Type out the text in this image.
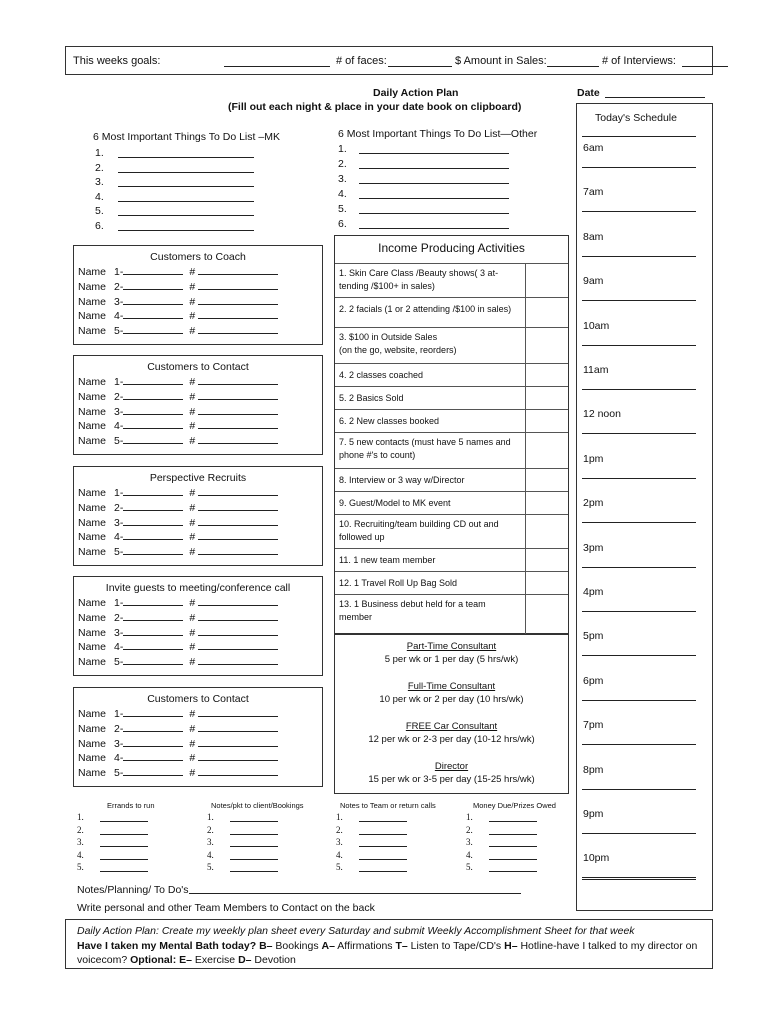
This weeks goals:	# of faces:	$ Amount in Sales:	# of Interviews:
Daily Action Plan
(Fill out each night & place in your date book on clipboard)
Date
6 Most Important Things To Do List –MK
1.
2.
3.
4.
5.
6.
6 Most Important Things To Do List—Other
1.
2.
3.
4.
5.
6.
Customers to Coach
Name 1-	#
Name 2-	#
Name 3-	#
Name 4-	#
Name 5-	#
Customers to Contact
Name 1-	#
Name 2-	#
Name 3-	#
Name 4-	#
Name 5-	#
Perspective Recruits
Name 1-	#
Name 2-	#
Name 3-	#
Name 4-	#
Name 5-	#
Invite guests to meeting/conference call
Name 1-	#
Name 2-	#
Name 3-	#
Name 4-	#
Name 5-	#
Customers to Contact
Name 1-	#
Name 2-	#
Name 3-	#
Name 4-	#
Name 5-	#
Income Producing Activities
1. Skin Care Class /Beauty shows( 3 at-
tending /$100+ in sales)
2. 2 facials (1 or 2 attending /$100 in sales)
3. $100 in Outside Sales
(on the go, website, reorders)
4. 2 classes coached
5. 2 Basics Sold
6. 2 New classes booked
7. 5 new contacts (must have 5 names and
phone #'s to count)
8. Interview or 3 way w/Director
9. Guest/Model to MK event
10. Recruiting/team building CD out and
followed up
11. 1 new team member
12. 1 Travel Roll Up Bag Sold
13. 1 Business debut held for a team
member
Part-Time Consultant
5 per wk or 1 per day (5 hrs/wk)
Full-Time Consultant
10 per wk or 2 per day (10 hrs/wk)
FREE Car Consultant
12 per wk or 2-3 per day (10-12 hrs/wk)
Director
15 per wk or 3-5 per day (15-25 hrs/wk)
Today's Schedule
6am
7am
8am
9am
10am
11am
12 noon
1pm
2pm
3pm
4pm
5pm
6pm
7pm
8pm
9pm
10pm
Errands to run
1.
2.
3.
4.
5.
Notes/pkt to client/Bookings
1.
2.
3.
4.
5.
Notes to Team or return calls
1.
2.
3.
4.
5.
Money Due/Prizes Owed
1.
2.
3.
4.
5.
Notes/Planning/ To Do's
Write personal and other Team Members to Contact on the back
Daily Action Plan: Create my weekly plan sheet every Saturday and submit Weekly Accomplishment Sheet for that week
Have I taken my Mental Bath today? B– Bookings A– Affirmations T– Listen to Tape/CD's H– Hotline-have I talked to my director on
voicecom? Optional: E– Exercise D– Devotion
